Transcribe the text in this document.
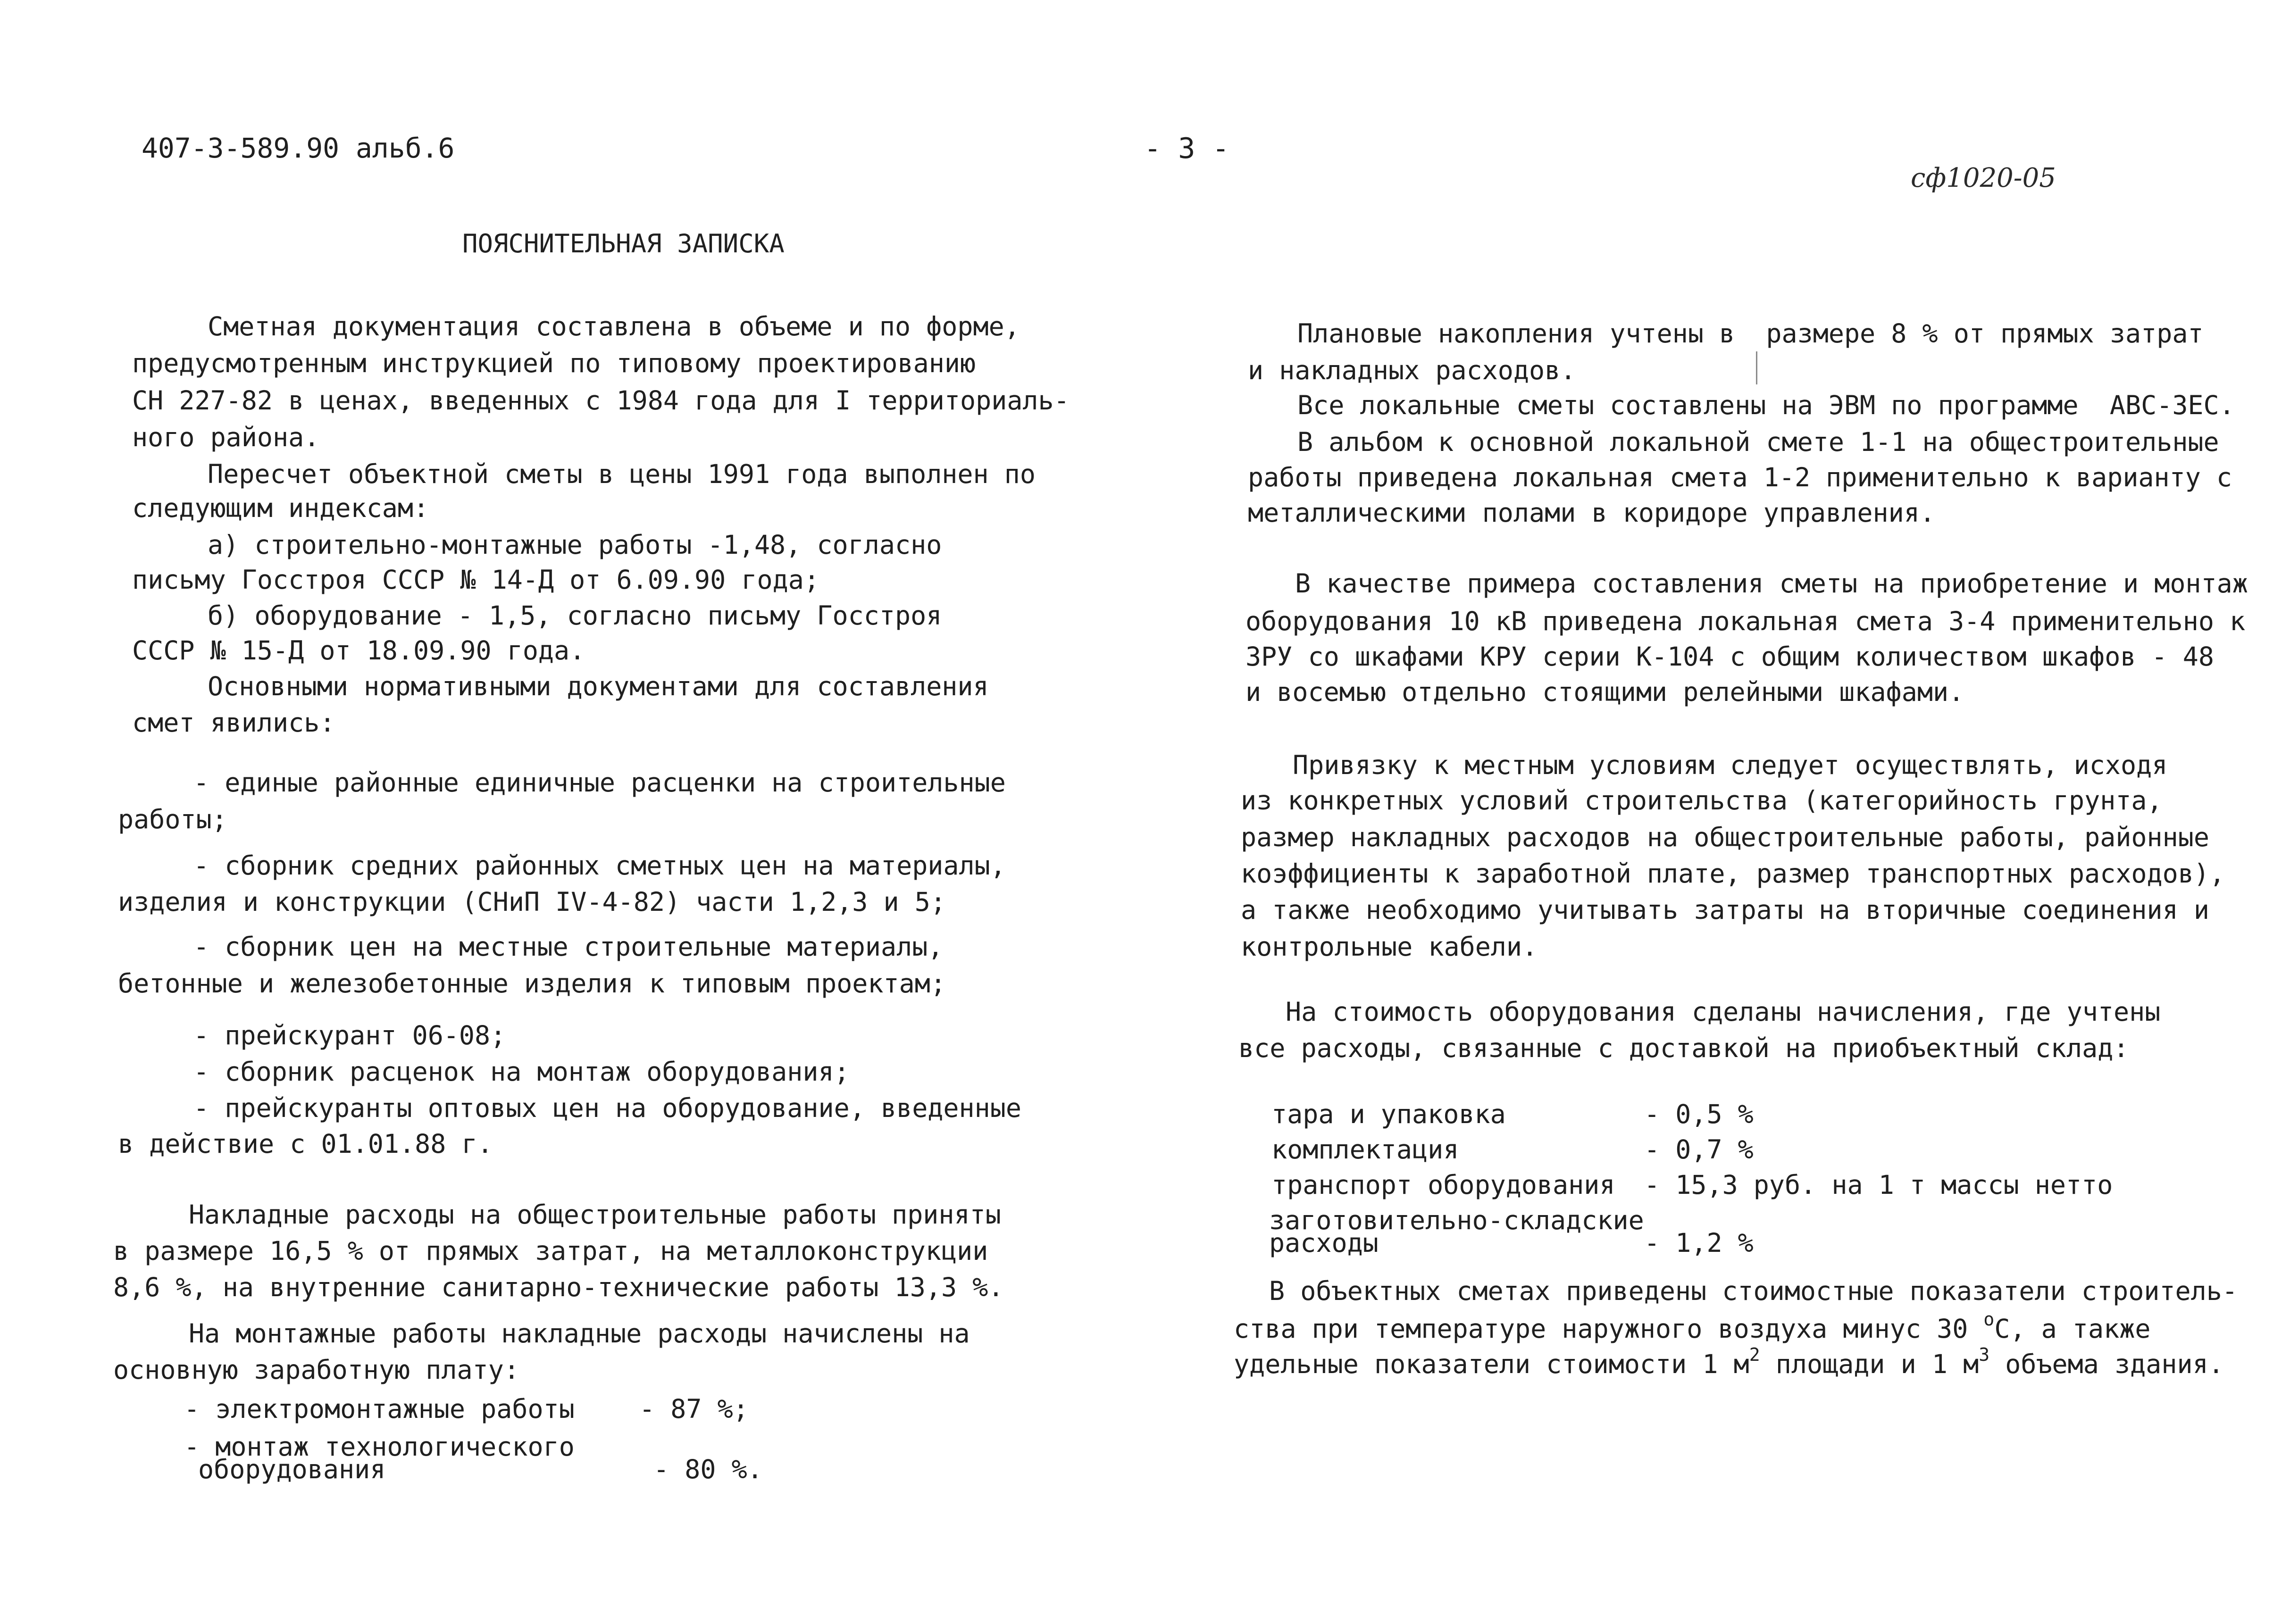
407-3-589.90 альб.6	- 3 -
сф1020-05
ПОЯСНИТЕЛЬНАЯ ЗАПИСКА
Сметная документация составлена в объеме и по форме,
предусмотренным инструкцией по типовому проектированию
СН 227-82 в ценах, введенных с 1984 года для I территориаль-
ного района.
Пересчет объектной сметы в цены 1991 года выполнен по
следующим индексам:
а) строительно-монтажные работы -1,48, согласно
письму Госстроя СССР № 14-Д от 6.09.90 года;
б) оборудование - 1,5, согласно письму Госстроя
СССР № 15-Д от 18.09.90 года.
Основными нормативными документами для составления
смет явились:
- единые районные единичные расценки на строительные
работы;
- сборник средних районных сметных цен на материалы,
изделия и конструкции (СНиП IV-4-82) части 1,2,3 и 5;
- сборник цен на местные строительные материалы,
бетонные и железобетонные изделия к типовым проектам;
- прейскурант 06-08;
- сборник расценок на монтаж оборудования;
- прейскуранты оптовых цен на оборудование, введенные
в действие с 01.01.88 г.
Накладные расходы на общестроительные работы приняты
в размере 16,5 % от прямых затрат, на металлоконструкции
8,6 %, на внутренние санитарно-технические работы 13,3 %.
На монтажные работы накладные расходы начислены на
основную заработную плату:
- электромонтажные работы - 87 %;
- монтаж технологического
оборудования	- 80 %.
Плановые накопления учтены в  размере 8 % от прямых затрат
и накладных расходов.
Все локальные сметы составлены на ЭВМ по программе  АВС-ЗЕС.
В альбом к основной локальной смете 1-1 на общестроительные
работы приведена локальная смета 1-2 применительно к варианту с
металлическими полами в коридоре управления.
В качестве примера составления сметы на приобретение и монтаж
оборудования 10 кВ приведена локальная смета 3-4 применительно к
ЗРУ со шкафами КРУ серии К-104 с общим количеством шкафов - 48
и восемью отдельно стоящими релейными шкафами.
Привязку к местным условиям следует осуществлять, исходя
из конкретных условий строительства (категорийность грунта,
размер накладных расходов на общестроительные работы, районные
коэффициенты к заработной плате, размер транспортных расходов),
а также необходимо учитывать затраты на вторичные соединения и
контрольные кабели.
На стоимость оборудования сделаны начисления, где учтены
все расходы, связанные с доставкой на приобъектный склад:
тара и упаковка	- 0,5 %
комплектация	- 0,7 %
транспорт оборудования - 15,3 руб. на 1 т массы нетто
заготовительно-складские
расходы	- 1,2 %
В объектных сметах приведены стоимостные показатели строитель-
ства при температуре наружного воздуха минус 30 $^o$С, а также
удельные показатели стоимости 1 $м^2$ площади и 1 $м^3$ объема здания.
